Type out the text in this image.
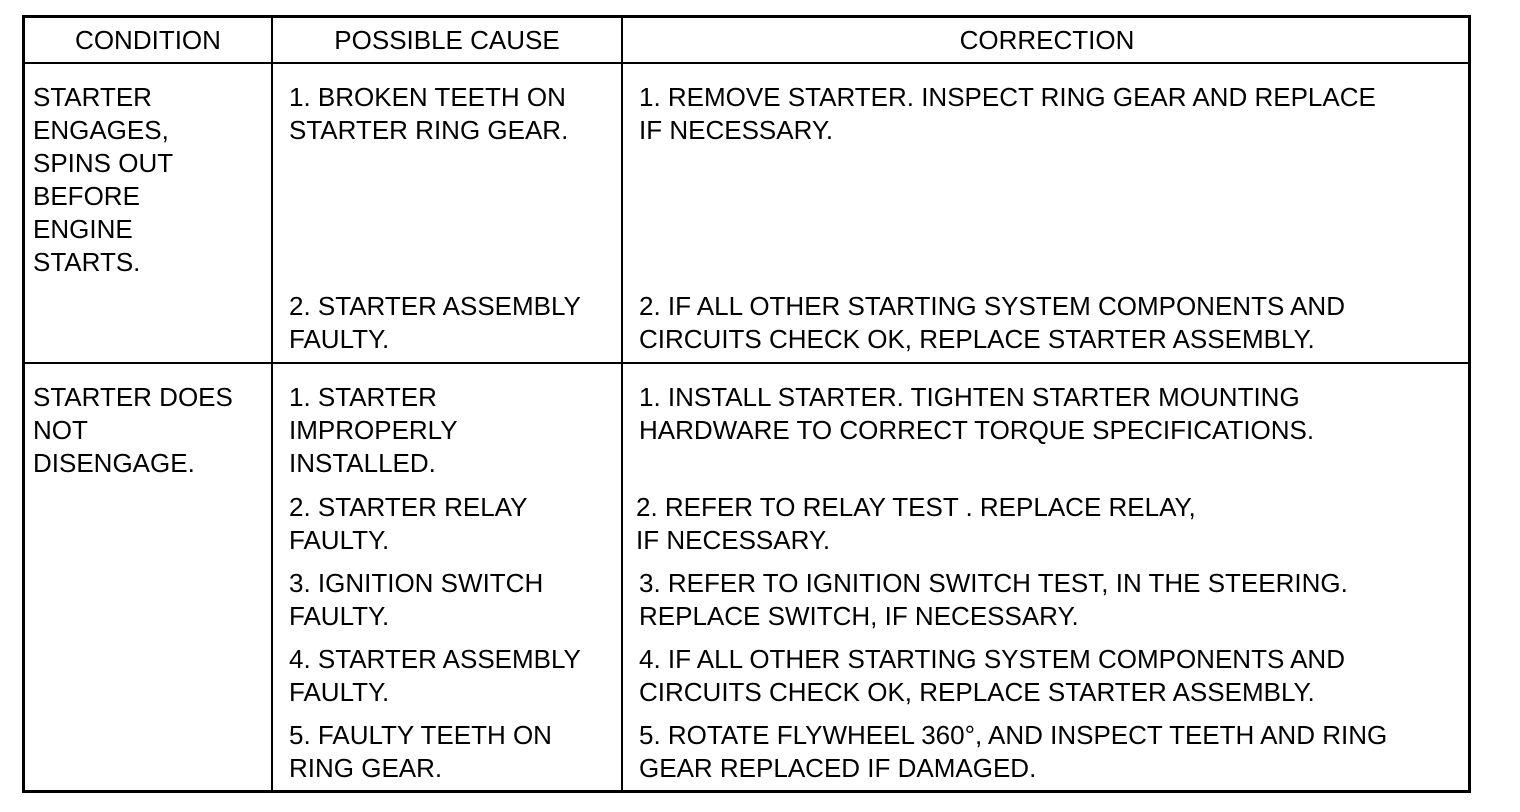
CONDITION	POSSIBLE CAUSE	CORRECTION
STARTER
ENGAGES,
SPINS OUT
BEFORE
ENGINE
STARTS.
1. BROKEN TEETH ON
STARTER RING GEAR.
1. REMOVE STARTER. INSPECT RING GEAR AND REPLACE
IF NECESSARY.
2. STARTER ASSEMBLY
FAULTY.
2. IF ALL OTHER STARTING SYSTEM COMPONENTS AND
CIRCUITS CHECK OK, REPLACE STARTER ASSEMBLY.
STARTER DOES
NOT
DISENGAGE.
1. STARTER
IMPROPERLY
INSTALLED.
1. INSTALL STARTER. TIGHTEN STARTER MOUNTING
HARDWARE TO CORRECT TORQUE SPECIFICATIONS.
2. STARTER RELAY
FAULTY.
2. REFER TO RELAY TEST . REPLACE RELAY,
IF NECESSARY.
3. IGNITION SWITCH
FAULTY.
3. REFER TO IGNITION SWITCH TEST, IN THE STEERING.
REPLACE SWITCH, IF NECESSARY.
4. STARTER ASSEMBLY
FAULTY.
4. IF ALL OTHER STARTING SYSTEM COMPONENTS AND
CIRCUITS CHECK OK, REPLACE STARTER ASSEMBLY.
5. FAULTY TEETH ON
RING GEAR.
5. ROTATE FLYWHEEL 360°, AND INSPECT TEETH AND RING
GEAR REPLACED IF DAMAGED.
